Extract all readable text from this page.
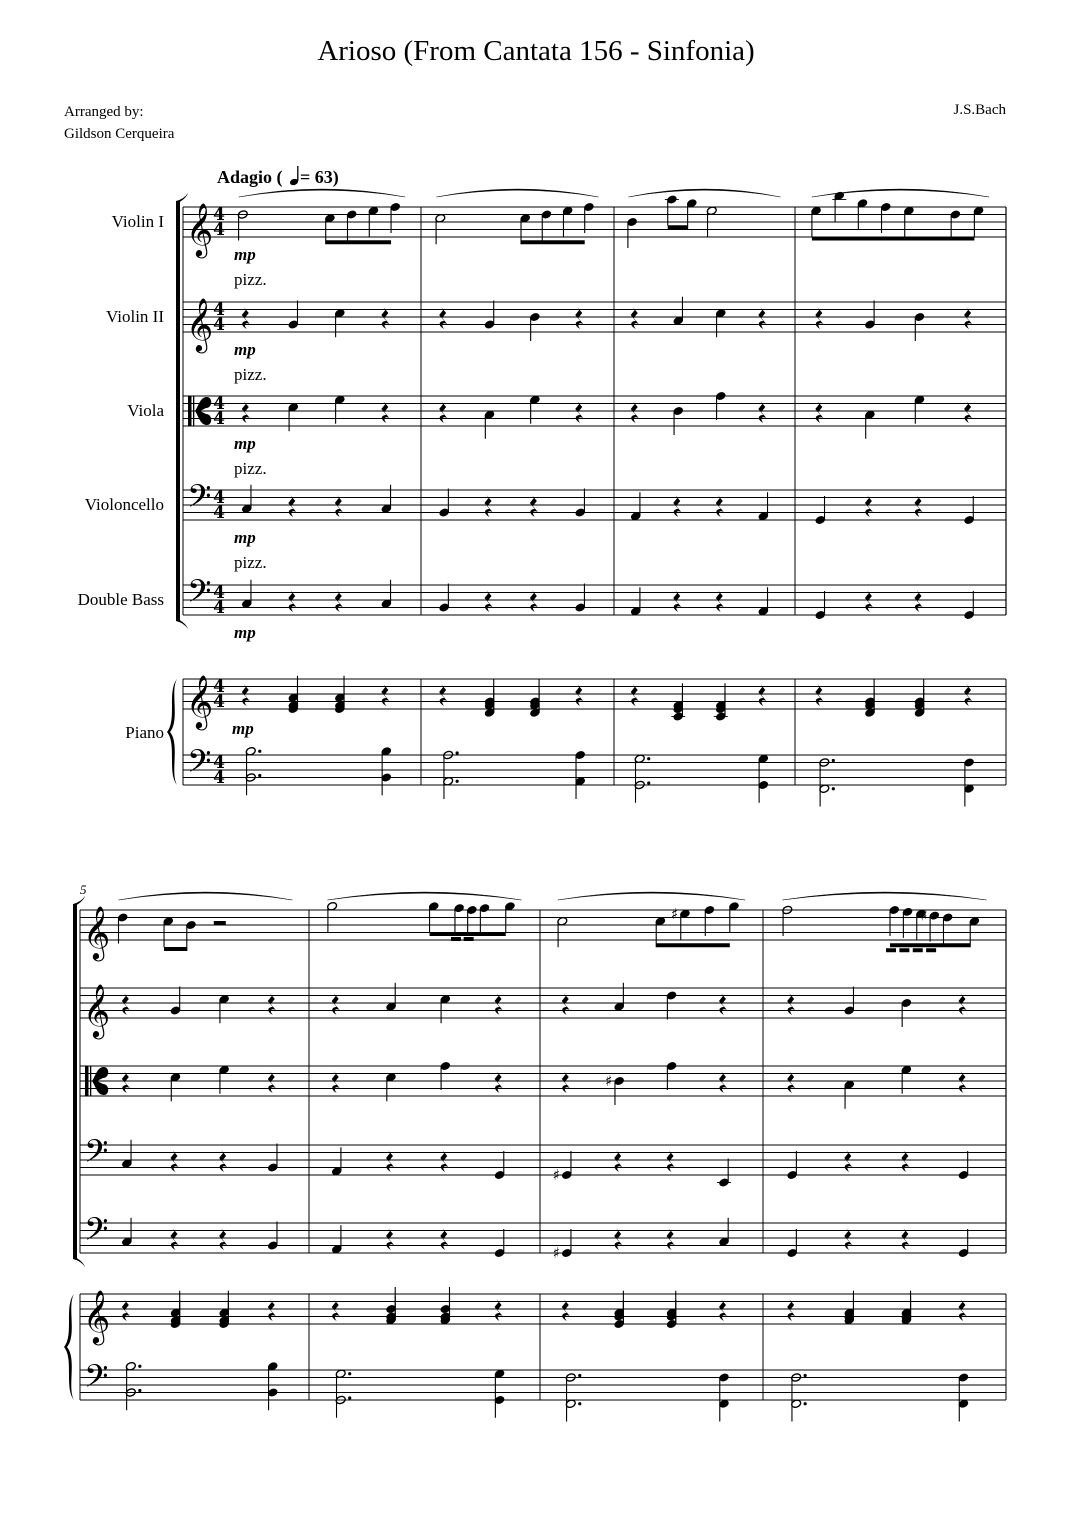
Arioso (From Cantata 156 - Sinfonia)
Arranged by:
Gildson Cerqueira
J.S.Bach
Adagio ( = 63)
𝄞 4
4
𝄞 4
4
4
4
𝄢 4
4
𝄢 4
4
𝄞 4
4
𝄢 4
4
Violin I
Violin II
Viola
Violoncello
Double Bass
Piano
mp
mp
mp
mp
mp
pizz.
pizz.
pizz.
pizz.
mp
𝄞
𝄞
𝄢
𝄢
𝄞
𝄢
5
♯
♯
♯
♯
♯
